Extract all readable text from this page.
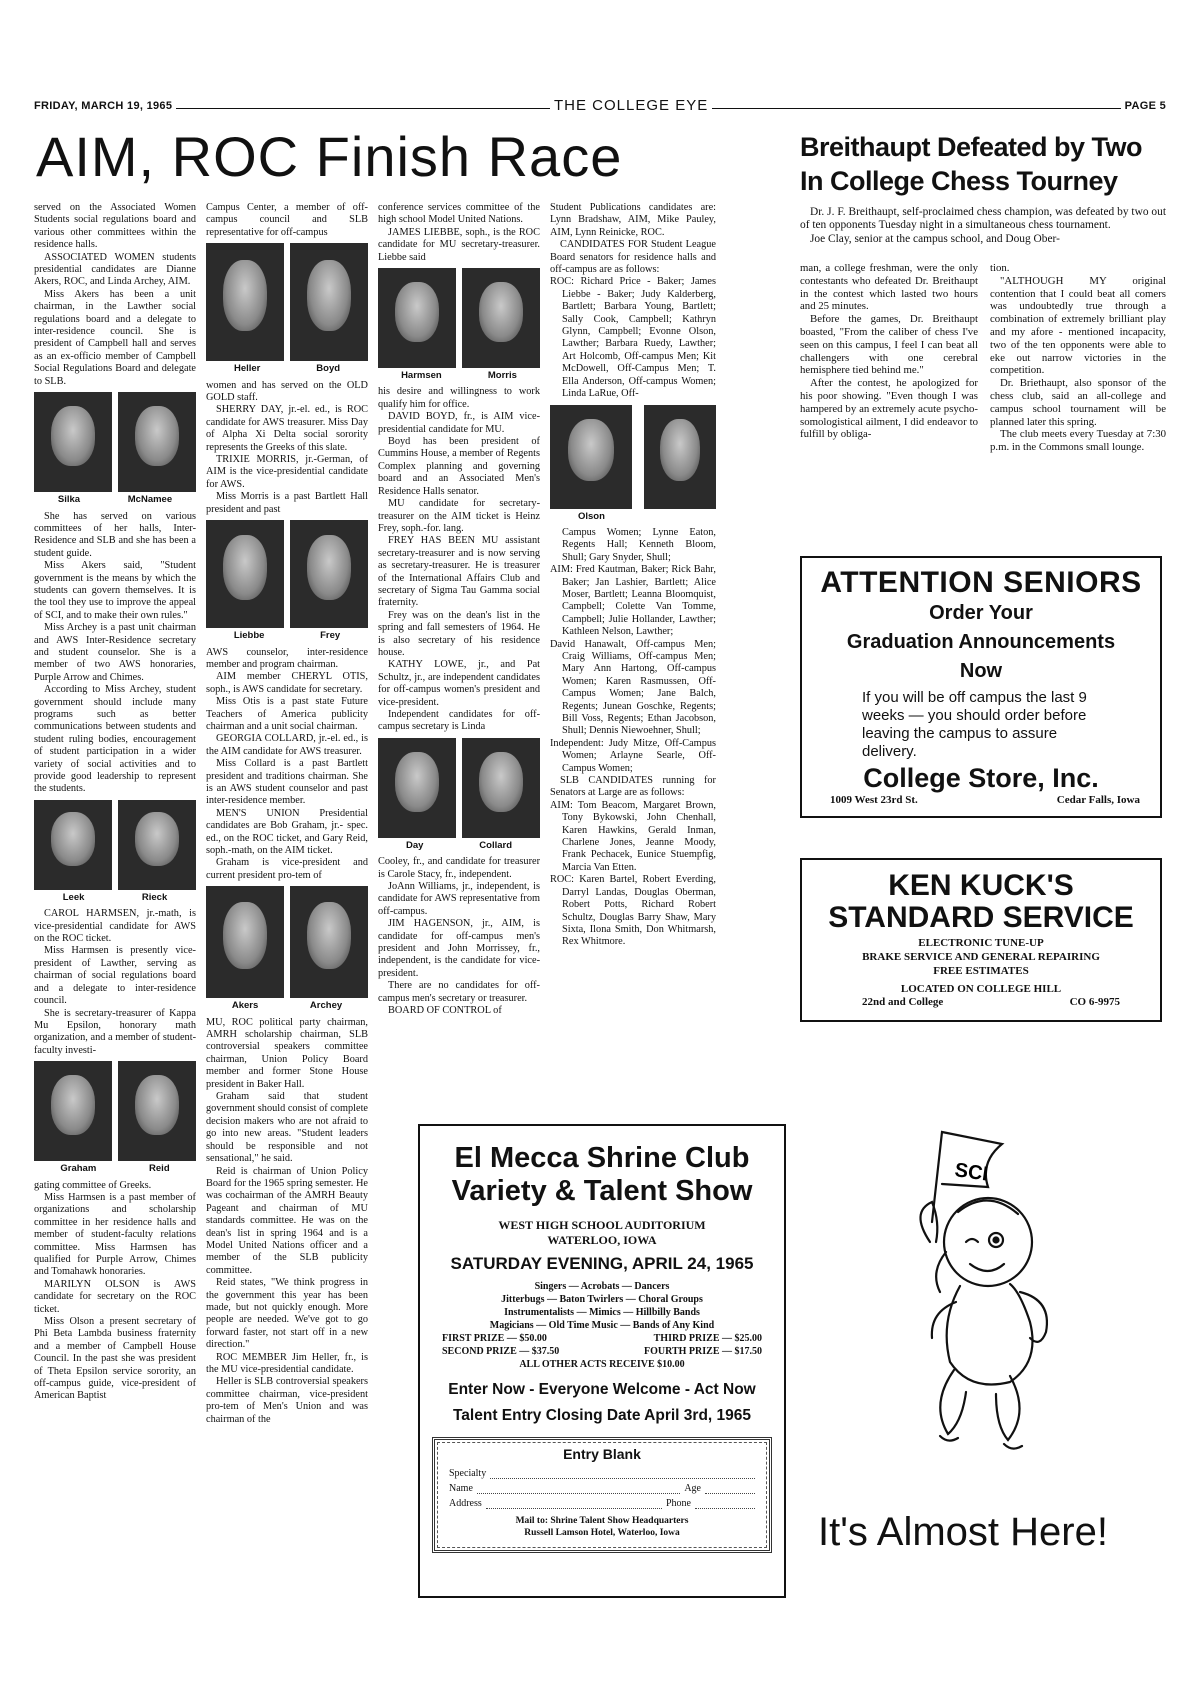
FRIDAY, MARCH 19, 1965	THE COLLEGE EYE	PAGE 5
AIM, ROC Finish Race

served on the Associated Women Students social regulations board and various other committees within the residence halls.

ASSOCIATED WOMEN students presidential candidates are Dianne Akers, ROC, and Linda Archey, AIM.

Miss Akers has been a unit chairman, in the Lawther social regulations board and a delegate to inter-residence council. She is president of Campbell hall and serves as an ex-officio member of Campbell Social Regulations Board and delegate to SLB.

Silka	McNamee

She has served on various committees of her halls, Inter-Residence and SLB and she has been a student guide.

Miss Akers said, "Student government is the means by which the students can govern themselves. It is the tool they use to improve the appeal of SCI, and to make their own rules."

Miss Archey is a past unit chairman and AWS Inter-Residence secretary and student counselor. She is a member of two AWS honoraries, Purple Arrow and Chimes.

According to Miss Archey, student government should include many programs such as better communications between students and student ruling bodies, encouragement of student participation in a wider variety of social activities and to provide good leadership to represent the students.

Leek	Rieck

CAROL HARMSEN, jr.-math, is vice-presidential candidate for AWS on the ROC ticket.

Miss Harmsen is presently vice-president of Lawther, serving as chairman of social regulations board and a delegate to inter-residence council.

She is secretary-treasurer of Kappa Mu Epsilon, honorary math organization, and a member of student-faculty investi-

Graham	Reid

gating committee of Greeks.

Miss Harmsen is a past member of organizations and scholarship committee in her residence halls and member of student-faculty relations committee. Miss Harmsen has qualified for Purple Arrow, Chimes and Tomahawk honoraries.

MARILYN OLSON is AWS candidate for secretary on the ROC ticket.

Miss Olson a present secretary of Phi Beta Lambda business fraternity and a member of Campbell House Council. In the past she was president of Theta Epsilon service sorority, an off-campus guide, vice-president of American Baptist

Campus Center, a member of off-campus council and SLB representative for off-campus

Heller	Boyd

women and has served on the OLD GOLD staff.

SHERRY DAY, jr.-el. ed., is ROC candidate for AWS treasurer. Miss Day of Alpha Xi Delta social sorority represents the Greeks of this slate.

TRIXIE MORRIS, jr.-German, of AIM is the vice-presidential candidate for AWS.

Miss Morris is a past Bartlett Hall president and past

Liebbe	Frey

AWS counselor, inter-residence member and program chairman.

AIM member CHERYL OTIS, soph., is AWS candidate for secretary.

Miss Otis is a past state Future Teachers of America publicity chairman and a unit social chairman.

GEORGIA COLLARD, jr.-el. ed., is the AIM candidate for AWS treasurer.

Miss Collard is a past Bartlett president and traditions chairman. She is an AWS student counselor and past inter-residence member.

MEN'S UNION Presidential candidates are Bob Graham, jr.- spec. ed., on the ROC ticket, and Gary Reid, soph.-math, on the AIM ticket.

Graham is vice-president and current president pro-tem of

Akers	Archey

MU, ROC political party chairman, AMRH scholarship chairman, SLB controversial speakers committee chairman, Union Policy Board member and former Stone House president in Baker Hall.

Graham said that student government should consist of complete decision makers who are not afraid to go into new areas. "Student leaders should be responsible and not sensational," he said.

Reid is chairman of Union Policy Board for the 1965 spring semester. He was cochairman of the AMRH Beauty Pageant and chairman of MU standards committee. He was on the dean's list in spring 1964 and is a Model United Nations officer and a member of the SLB publicity committee.

Reid states, "We think progress in the government this year has been made, but not quickly enough. More people are needed. We've got to go forward faster, not start off in a new direction."

ROC MEMBER Jim Heller, fr., is the MU vice-presidential candidate.

Heller is SLB controversial speakers committee chairman, vice-president pro-tem of Men's Union and was chairman of the

conference services committee of the high school Model United Nations.

JAMES LIEBBE, soph., is the ROC candidate for MU secretary-treasurer. Liebbe said

Harmsen	Morris

his desire and willingness to work qualify him for office.

DAVID BOYD, fr., is AIM vice-presidential candidate for MU.

Boyd has been president of Cummins House, a member of Regents Complex planning and governing board and an Associated Men's Residence Halls senator.

MU candidate for secretary-treasurer on the AIM ticket is Heinz Frey, soph.-for. lang.

FREY HAS BEEN MU assistant secretary-treasurer and is now serving as secretary-treasurer. He is treasurer of the International Affairs Club and secretary of Sigma Tau Gamma social fraternity.

Frey was on the dean's list in the spring and fall semesters of 1964. He is also secretary of his residence house.

KATHY LOWE, jr., and Pat Schultz, jr., are independent candidates for off-campus women's president and vice-president.

Independent candidates for off-campus secretary is Linda

Day	Collard

Cooley, fr., and candidate for treasurer is Carole Stacy, fr., independent.

JoAnn Williams, jr., independent, is candidate for AWS representative from off-campus.

JIM HAGENSON, jr., AIM, is candidate for off-campus men's president and John Morrissey, fr., independent, is the candidate for vice-president.

There are no candidates for off-campus men's secretary or treasurer.

BOARD OF CONTROL of

Student Publications candidates are: Lynn Bradshaw, AIM, Mike Pauley, AIM, Lynn Reinicke, ROC.

CANDIDATES FOR Student League Board senators for residence halls and off-campus are as follows:

ROC: Richard Price - Baker; James Liebbe - Baker; Judy Kalderberg, Bartlett; Barbara Young, Bartlett; Sally Cook, Campbell; Kathryn Glynn, Campbell; Evonne Olson, Lawther; Barbara Ruedy, Lawther; Art Holcomb, Off-campus Men; Kit McDowell, Off-Campus Men; T. Ella Anderson, Off-campus Women; Linda LaRue, Off-

Olson

Campus Women; Lynne Eaton, Regents Hall; Kenneth Bloom, Shull; Gary Snyder, Shull;

AIM: Fred Kautman, Baker; Rick Bahr, Baker; Jan Lashier, Bartlett; Alice Moser, Bartlett; Leanna Bloomquist, Campbell; Colette Van Tomme, Campbell; Julie Hollander, Lawther; Kathleen Nelson, Lawther;

David Hanawalt, Off-campus Men; Craig Williams, Off-campus Men; Mary Ann Hartong, Off-campus Women; Karen Rasmussen, Off-Campus Women; Jane Balch, Regents; Junean Goschke, Regents; Bill Voss, Regents; Ethan Jacobson, Shull; Dennis Niewoehner, Shull;

Independent: Judy Mitze, Off-Campus Women; Arlayne Searle, Off-Campus Women;

SLB CANDIDATES running for Senators at Large are as follows:

AIM: Tom Beacom, Margaret Brown, Tony Bykowski, John Chenhall, Karen Hawkins, Gerald Inman, Charlene Jones, Jeanne Moody, Frank Pechacek, Eunice Stuempfig, Marcia Van Etten.

ROC: Karen Bartel, Robert Everding, Darryl Landas, Douglas Oberman, Robert Potts, Richard Robert Schultz, Douglas Barry Shaw, Mary Sixta, Ilona Smith, Don Whitmarsh, Rex Whitmore.

Breithaupt Defeated by Two
In College Chess Tourney

Dr. J. F. Breithaupt, self-proclaimed chess champion, was defeated by two out of ten opponents Tuesday night in a simultaneous chess tournament.

Joe Clay, senior at the campus school, and Doug Ober-

man, a college freshman, were the only contestants who defeated Dr. Breithaupt in the contest which lasted two hours and 25 minutes.

Before the games, Dr. Breithaupt boasted, "From the caliber of chess I've seen on this campus, I feel I can beat all challengers with one cerebral hemisphere tied behind me."

After the contest, he apologized for his poor showing. "Even though I was hampered by an extremely acute psycho-somologistical ailment, I did endeavor to fulfill by obliga-

tion.

"ALTHOUGH MY original contention that I could beat all comers was undoubtedly true through a combination of extremely brilliant play and my afore - mentioned incapacity, two of the ten opponents were able to eke out narrow victories in the competition.

Dr. Briethaupt, also sponsor of the chess club, said an all-college and campus school tournament will be planned later this spring.

The club meets every Tuesday at 7:30 p.m. in the Commons small lounge.

ATTENTION SENIORS
Order Your
Graduation Announcements
Now
If you will be off campus the last 9 weeks — you should order before leaving the campus to assure delivery.
College Store, Inc.
1009 West 23rd St.	Cedar Falls, Iowa
KEN KUCK'S
STANDARD SERVICE
ELECTRONIC TUNE-UP
BRAKE SERVICE AND GENERAL REPAIRING
FREE ESTIMATES
LOCATED ON COLLEGE HILL
22nd and College	CO 6-9975
El Mecca Shrine Club
Variety & Talent Show
WEST HIGH SCHOOL AUDITORIUM
WATERLOO, IOWA
SATURDAY EVENING, APRIL 24, 1965
Singers — Acrobats — Dancers
Jitterbugs — Baton Twirlers — Choral Groups
Instrumentalists — Mimics — Hillbilly Bands
Magicians — Old Time Music — Bands of Any Kind
FIRST PRIZE — $50.00	THIRD PRIZE — $25.00
SECOND PRIZE — $37.50	FOURTH PRIZE — $17.50
ALL OTHER ACTS RECEIVE $10.00
Enter Now - Everyone Welcome - Act Now
Talent Entry Closing Date April 3rd, 1965
Entry Blank
Specialty
Name	Age
Address	Phone
Mail to: Shrine Talent Show Headquarters
Russell Lamson Hotel, Waterloo, Iowa
SCI
It's Almost Here!
